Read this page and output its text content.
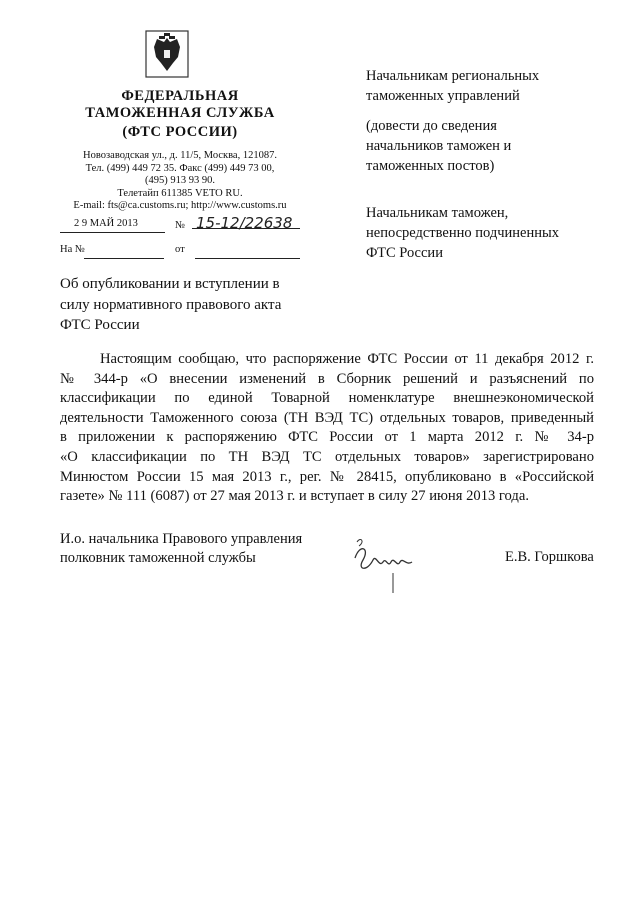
ФЕДЕРАЛЬНАЯ
ТАМОЖЕННАЯ СЛУЖБА
(ФТС РОССИИ)
Новозаводская ул., д. 11/5, Москва, 121087.
Тел. (499) 449 72 35. Факс (499) 449 73 00,
(495) 913 93 90.
Телетайп 611385 VETO RU.
E-mail: fts@ca.customs.ru; http://www.customs.ru
2 9 МАЙ 2013	№ 15-12/22638
На №	от
Об опубликовании и вступлении в
силу нормативного правового акта
ФТС России
Начальникам региональных
таможенных управлений
(довести до сведения
начальников таможен и
таможенных постов)
Начальникам таможен,
непосредственно подчиненных
ФТС России
Настоящим сообщаю, что распоряжение ФТС России от 11 декабря 2012 г.
№ 344-р «О внесении изменений в Сборник решений и разъяснений по
классификации по единой Товарной номенклатуре внешнеэкономической
деятельности Таможенного союза (ТН ВЭД ТС) отдельных товаров, приведенный
в приложении к распоряжению ФТС России от 1 марта 2012 г. № 34-р
«О классификации по ТН ВЭД ТС отдельных товаров» зарегистрировано
Минюстом России 15 мая 2013 г., рег. № 28415, опубликовано в «Российской
газете» № 111 (6087) от 27 мая 2013 г. и вступает в силу 27 июня 2013 года.
И.о. начальника Правового управления
полковник таможенной службы	Е.В. Горшкова
